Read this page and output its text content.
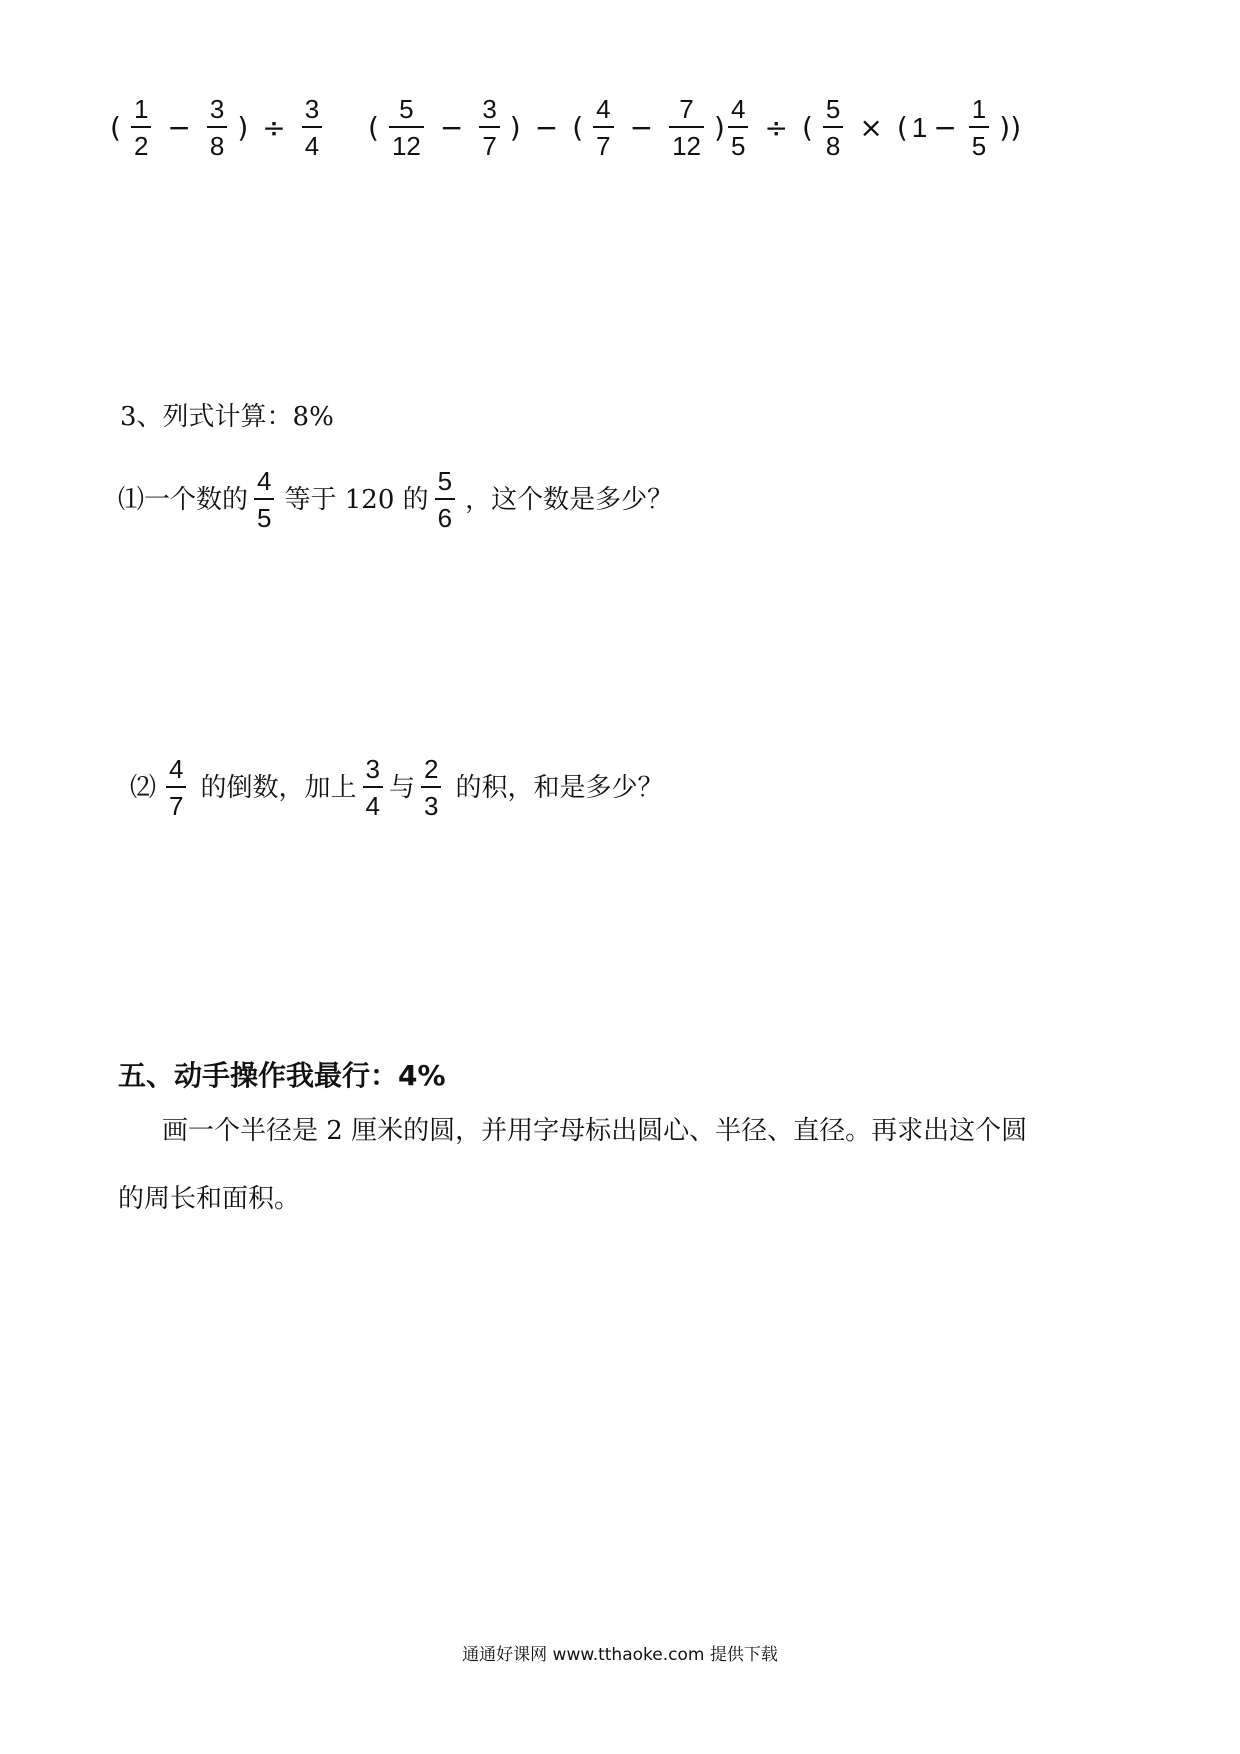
( $\frac{1}{2} - \frac{3}{8}$ ) ÷ $\frac{3}{4}$ ( $\frac{5}{12} - \frac{3}{7}$ ) − ( $\frac{4}{7} - \frac{7}{12}$ ) $\frac{4}{5}$ ÷ ( $\frac{5}{8}$ × ( $1 - \frac{1}{5}$ ))
3、列式计算：8%
⑴一个数的 $\frac{4}{5}$ 等于 120 的 $\frac{5}{6}$ ，这个数是多少？
⑵ $\frac{4}{7}$ 的倒数，加上 $\frac{3}{4}$ 与 $\frac{2}{3}$ 的积，和是多少？
五、动手操作我最行：4%
画一个半径是 2 厘米的圆，并用字母标出圆心、半径、直径。再求出这个圆
的周长和面积。
通通好课网 www.tthaoke.com 提供下载
